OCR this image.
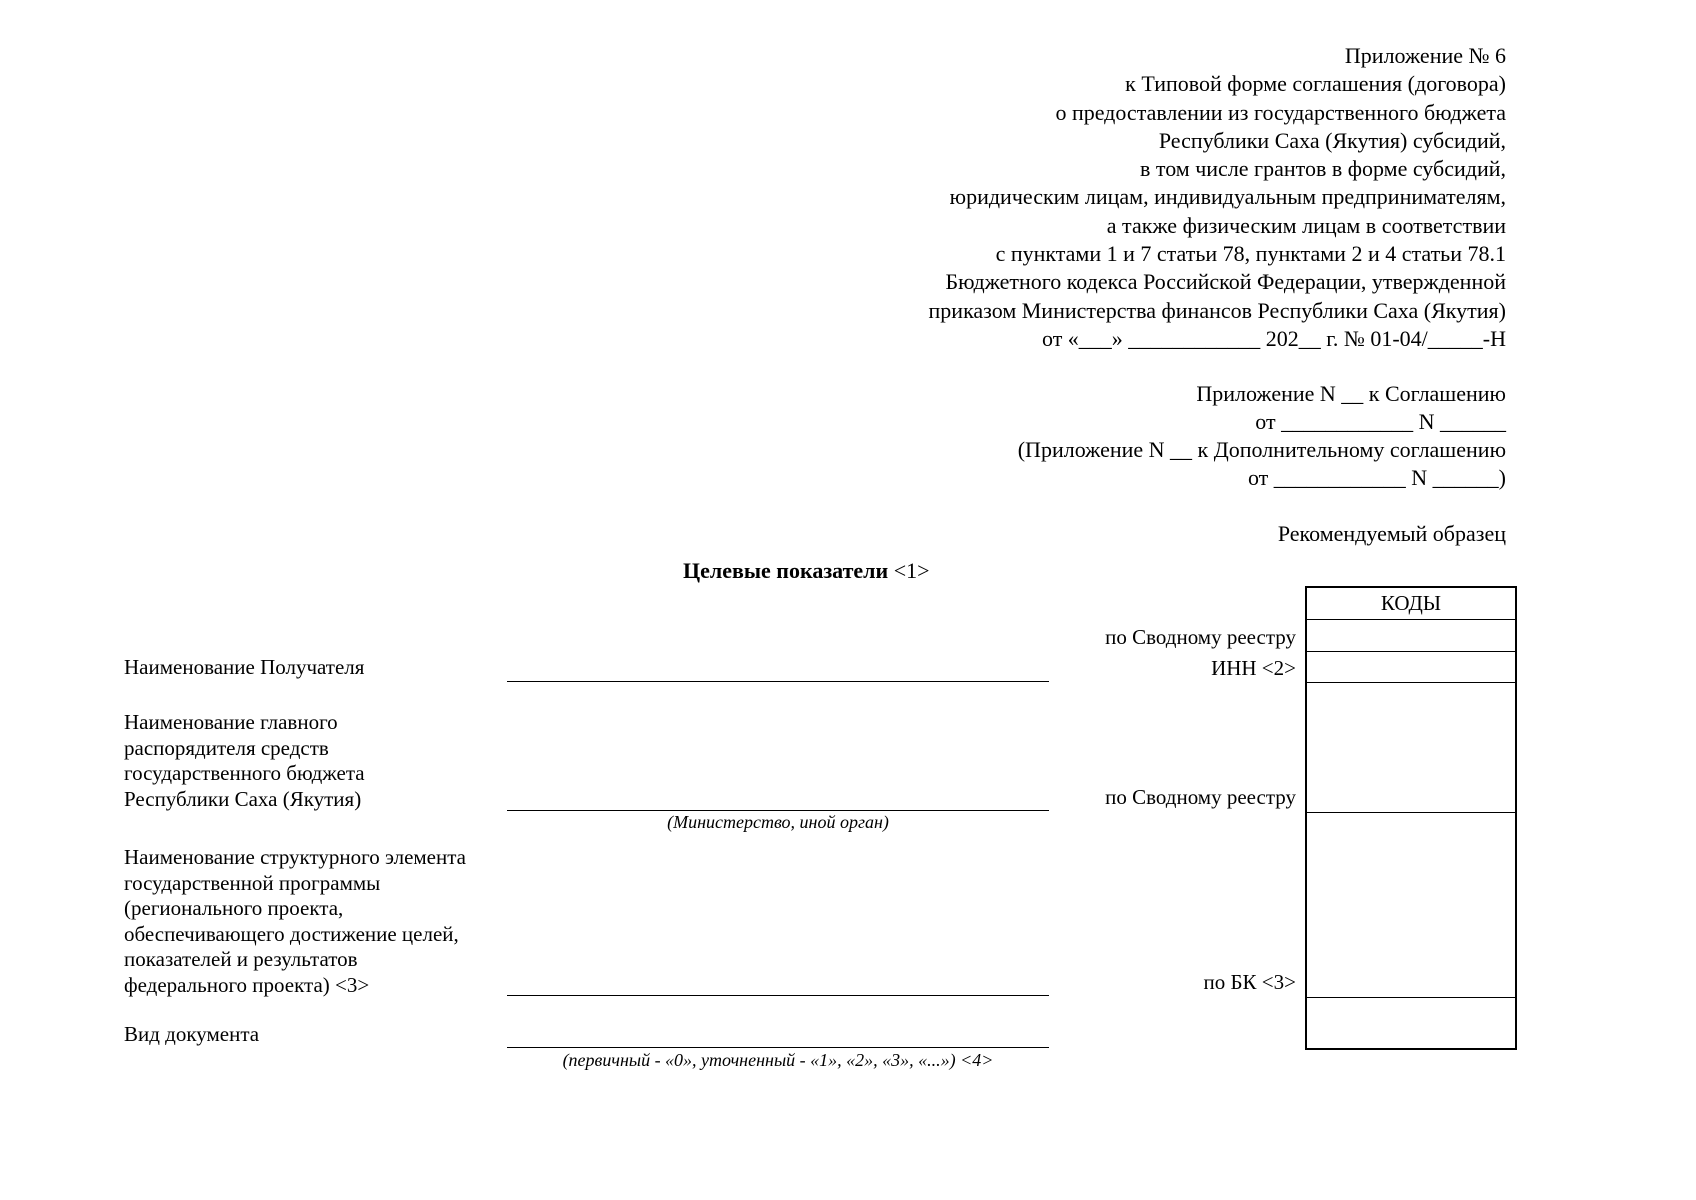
Приложение № 6
к Типовой форме соглашения (договора)
о предоставлении из государственного бюджета
Республики Саха (Якутия) субсидий,
в том числе грантов в форме субсидий,
юридическим лицам, индивидуальным предпринимателям,
а также физическим лицам в соответствии
с пунктами 1 и 7 статьи 78, пунктами 2 и 4 статьи 78.1
Бюджетного кодекса Российской Федерации, утвержденной
приказом Министерства финансов Республики Саха (Якутия)
от «___» ____________ 202__ г. № 01-04/_____-Н
Приложение N __ к Соглашению
от ____________ N ______
(Приложение N __ к Дополнительному соглашению
от ____________ N ______)
Рекомендуемый образец
Целевые показатели <1>
Наименование Получателя
Наименование главного
распорядителя средств
государственного бюджета
Республики Саха (Якутия)
Наименование структурного элемента
государственной программы
(регионального проекта,
обеспечивающего достижение целей,
показателей и результатов
федерального проекта) <3>
Вид документа
(Министерство, иной орган)
(первичный - «0», уточненный - «1», «2», «3», «...») <4>
по Сводному реестру
ИНН <2>
по Сводному реестру
по БК <3>
КОДЫ
